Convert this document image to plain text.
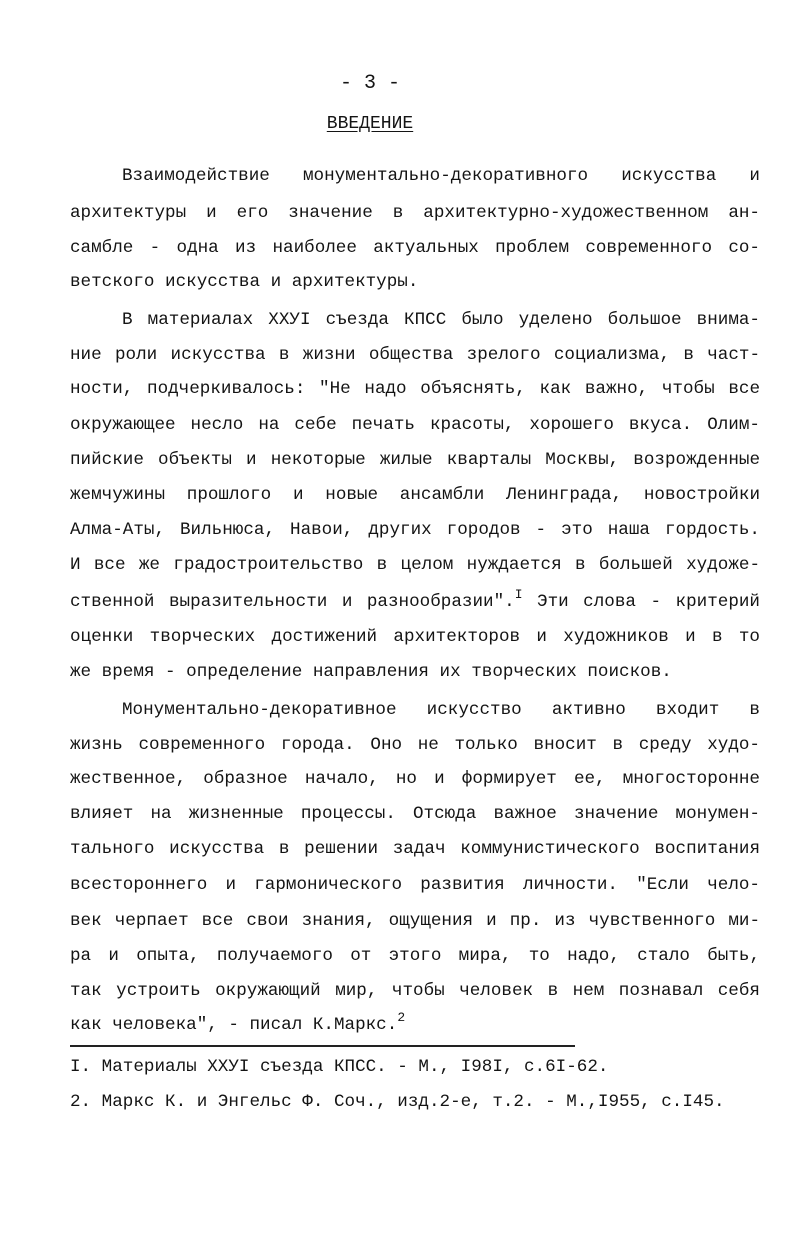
- 3 -
ВВЕДЕНИЕ
Взаимодействие монументально-декоративного искусства и
архитектуры и его значение в архитектурно-художественном ан-
самбле - одна из наиболее актуальных проблем современного со-
ветского искусства и архитектуры.
В материалах XXУI съезда КПСС было уделено большое внима-
ние роли искусства в жизни общества зрелого социализма, в част-
ности, подчеркивалось: "Не надо объяснять, как важно, чтобы все
окружающее несло на себе печать красоты, хорошего вкуса. Олим-
пийские объекты и некоторые жилые кварталы Москвы, возрожденные
жемчужины прошлого и новые ансамбли Ленинграда, новостройки
Алма-Аты, Вильнюса, Навои, других городов - это наша гордость.
И все же градостроительство в целом нуждается в большей художе-
ственной выразительности и разнообразии".$^I$ Эти слова - критерий
оценки творческих достижений архитекторов и художников и в то
же время - определение направления их творческих поисков.
Монументально-декоративное искусство активно входит в
жизнь современного города. Оно не только вносит в среду худо-
жественное, образное начало, но и формирует ее, многосторонне
влияет на жизненные процессы. Отсюда важное значение монумен-
тального искусства в решении задач коммунистического воспитания
всестороннего и гармонического развития личности. "Если чело-
век черпает все свои знания, ощущения и пр. из чувственного ми-
ра и опыта, получаемого от этого мира, то надо, стало быть,
так устроить окружающий мир, чтобы человек в нем познавал себя
как человека", - писал К.Маркс.$^2$
I. Материалы XXУI съезда КПСС. - М., I98I, с.6I-62.
2. Маркс К. и Энгельс Ф. Соч., изд.2-е, т.2. - М.,I955, с.I45.
